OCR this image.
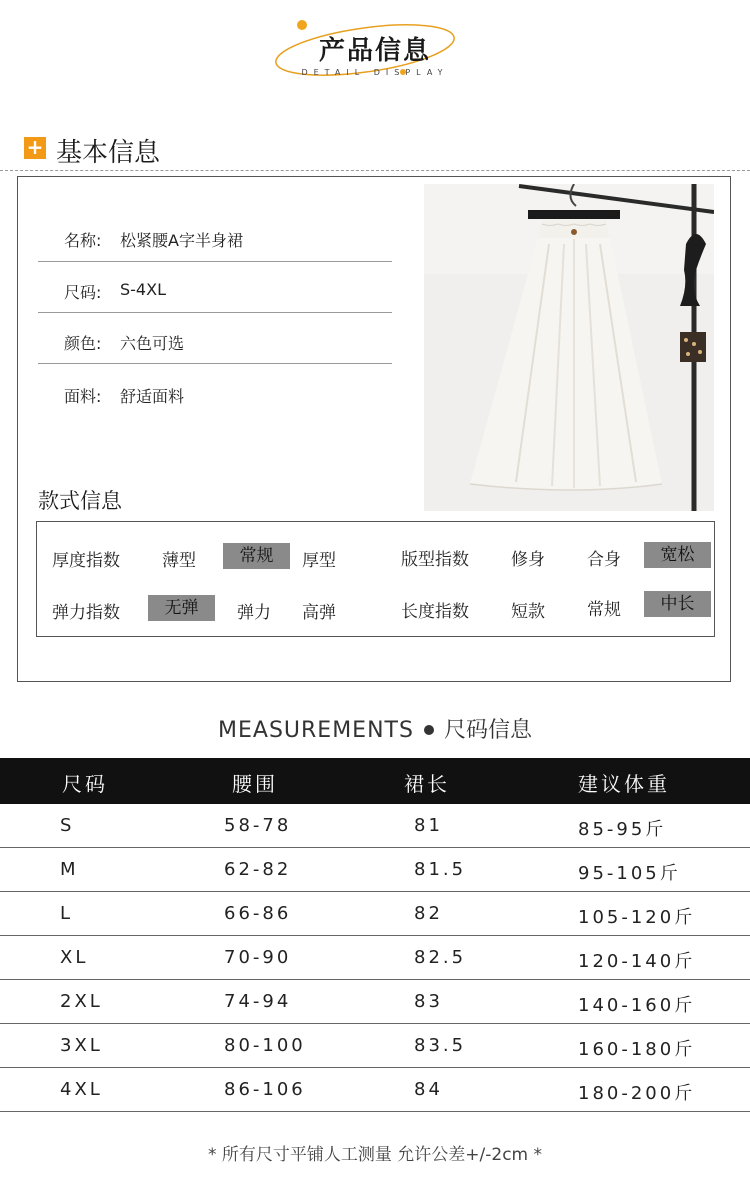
产品信息
DETAIL DISPLAY
+ 基本信息
名称: 松紧腰A字半身裙
尺码: S-4XL
颜色: 六色可选
面料: 舒适面料
款式信息
厚度指数 薄型	常规	厚型	版型指数 修身 合身	宽松
弹力指数	无弹	弹力 高弹	长度指数 短款 常规	中长
MEASUREMENTS 尺码信息
尺码	腰围	裙长	建议体重
S	58-78	81	85-95斤
M	62-82	81.5	95-105斤
L	66-86	82	105-120斤
XL	70-90	82.5	120-140斤
2XL	74-94	83	140-160斤
3XL	80-100	83.5	160-180斤
4XL	86-106	84	180-200斤
* 所有尺寸平铺人工测量 允许公差+/-2cm *
